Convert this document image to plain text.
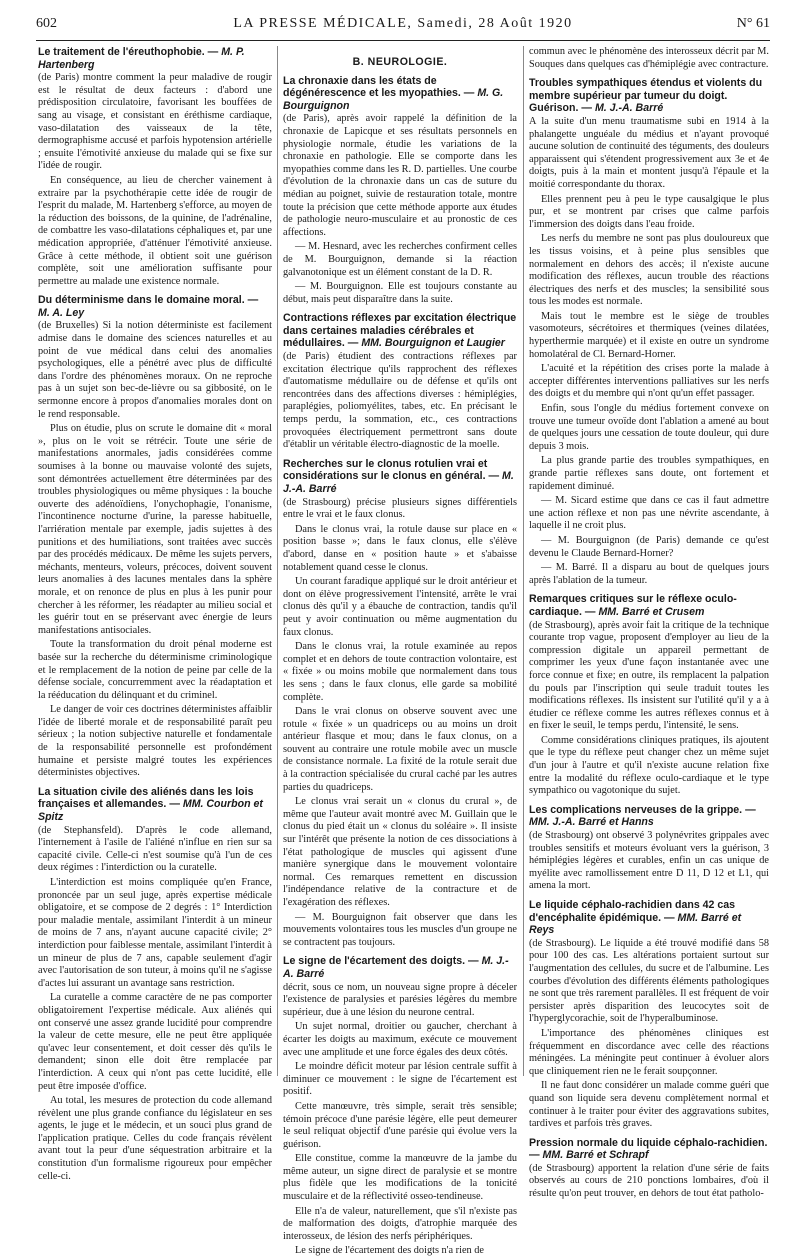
602	LA PRESSE MÉDICALE, Samedi, 28 Août 1920	N° 61
Le traitement de l'éreuthophobie. — M. P. Hartenberg

(de Paris) montre comment la peur maladive de rougir est le résultat de deux facteurs : d'abord une prédisposition circulatoire, favorisant les bouffées de sang au visage, et consistant en éréthisme cardiaque, vaso-dilatation des vaisseaux de la tête, dermographisme accusé et parfois hypotension artérielle ; ensuite l'émotivité anxieuse du malade qui se fixe sur l'idée de rougir.

En conséquence, au lieu de chercher vainement à extraire par la psychothérapie cette idée de rougir de l'esprit du malade, M. Hartenberg s'efforce, au moyen de la réduction des boissons, de la quinine, de l'adrénaline, de combattre les vaso-dilatations céphaliques et, par une médication appropriée, d'atténuer l'émotivité anxieuse. Grâce à cette méthode, il obtient soit une guérison complète, soit une amélioration suffisante pour permettre au malade une existence normale.

Du déterminisme dans le domaine moral. — M. A. Ley

(de Bruxelles) Si la notion déterministe est facilement admise dans le domaine des sciences naturelles et au point de vue médical dans celui des anomalies psychologiques, elle a pénétré avec plus de difficulté dans l'ordre des phénomènes moraux. On ne reproche pas à un sujet son bec-de-lièvre ou sa gibbosité, on le sermonne encore à propos d'anomalies morales dont on le rend responsable.

Plus on étudie, plus on scrute le domaine dit « moral », plus on le voit se rétrécir. Toute une série de manifestations anormales, jadis considérées comme soumises à la bonne ou mauvaise volonté des sujets, sont démontrées actuellement être déterminées par des troubles physiologiques ou même physiques : la bouche ouverte des adénoïdiens, l'onychophagie, l'onanisme, l'incontinence nocturne d'urine, la paresse habituelle, l'arriération mentale par exemple, jadis sujettes à des punitions et des humiliations, sont traitées avec succès par des procédés médicaux. De même les sujets pervers, méchants, menteurs, voleurs, précoces, doivent souvent leurs anomalies à des lacunes mentales dans la sphère morale, et on renonce de plus en plus à les punir pour chercher à les réformer, les réadapter au milieu social et les guérir tout en se préservant avec énergie de leurs manifestations antisociales.

Toute la transformation du droit pénal moderne est basée sur la recherche du déterminisme criminologique et le remplacement de la notion de peine par celle de la défense sociale, concurremment avec la réadaptation et la rééducation du délinquant et du criminel.

Le danger de voir ces doctrines déterministes affaiblir l'idée de liberté morale et de responsabilité paraît peu sérieux ; la notion subjective naturelle et fondamentale de la responsabilité personnelle est profondément humaine et persiste malgré toutes les expériences déterministes objectives.

La situation civile des aliénés dans les lois françaises et allemandes. — MM. Courbon et Spitz

(de Stephansfeld). D'après le code allemand, l'internement à l'asile de l'aliéné n'influe en rien sur sa capacité civile. Celle-ci n'est soumise qu'à l'un de ces deux régimes : l'interdiction ou la curatelle.

L'interdiction est moins compliquée qu'en France, prononcée par un seul juge, après expertise médicale obligatoire, et se compose de 2 degrés : 1° Interdiction pour maladie mentale, assimilant l'interdit à un mineur de moins de 7 ans, n'ayant aucune capacité civile; 2° interdiction pour faiblesse mentale, assimilant l'interdit à un mineur de plus de 7 ans, capable seulement d'agir avec l'autorisation de son tuteur, à moins qu'il ne s'agisse d'actes lui assurant un avantage sans restriction.

La curatelle a comme caractère de ne pas comporter obligatoirement l'expertise médicale. Aux aliénés qui ont conservé une assez grande lucidité pour comprendre la valeur de cette mesure, elle ne peut être appliquée qu'avec leur consentement, et doit cesser dès qu'ils le demandent; sinon elle doit être remplacée par l'interdiction. A ceux qui n'ont pas cette lucidité, elle peut être imposée d'office.

Au total, les mesures de protection du code allemand révèlent une plus grande confiance du législateur en ses agents, le juge et le médecin, et un souci plus grand de l'application pratique. Celles du code français révèlent avant tout la peur d'une séquestration arbitraire et la constitution d'un formalisme rigoureux pour empêcher celle-ci.

B. NEUROLOGIE.
La chronaxie dans les états de dégénérescence et les myopathies. — M. G. Bourguignon

(de Paris), après avoir rappelé la définition de la chronaxie de Lapicque et ses résultats personnels en physiologie normale, étudie les variations de la chronaxie en pathologie. Elle se comporte dans les myopathies comme dans les R. D. partielles. Une courbe d'évolution de la chronaxie dans un cas de suture du médian au poignet, suivie de restauration totale, montre toute la précision que cette méthode apporte aux études de pathologie neuro-musculaire et au pronostic de ces affections.

— M. Hesnard, avec les recherches confirment celles de M. Bourguignon, demande si la réaction galvanotonique est un élément constant de la D. R.

— M. Bourguignon. Elle est toujours constante au début, mais peut disparaître dans la suite.

Contractions réflexes par excitation électrique dans certaines maladies cérébrales et médullaires. — MM. Bourguignon et Laugier

(de Paris) étudient des contractions réflexes par excitation électrique qu'ils rapprochent des réflexes d'automatisme médullaire ou de défense et qu'ils ont rencontrées dans des affections diverses : hémiplégies, paraplégies, poliomyélites, tabes, etc. En précisant le temps perdu, la sommation, etc., ces contractions provoquées électriquement permettront sans doute d'établir un véritable électro-diagnostic de la moelle.

Recherches sur le clonus rotulien vrai et considérations sur le clonus en général. — M. J.-A. Barré

(de Strasbourg) précise plusieurs signes différentiels entre le vrai et le faux clonus.

Dans le clonus vrai, la rotule dause sur place en « position basse »; dans le faux clonus, elle s'élève d'abord, danse en « position haute » et s'abaisse notablement quand cesse le clonus.

Un courant faradique appliqué sur le droit antérieur et dont on élève progressivement l'intensité, arrête le vrai clonus dès qu'il y a ébauche de contraction, tandis qu'il peut y avoir continuation ou même augmentation du faux clonus.

Dans le clonus vrai, la rotule examinée au repos complet et en dehors de toute contraction volontaire, est « fixée » ou moins mobile que normalement dans tous les sens ; dans le faux clonus, elle garde sa mobilité complète.

Dans le vrai clonus on observe souvent avec une rotule « fixée » un quadriceps ou au moins un droit antérieur flasque et mou; dans le faux clonus, on a souvent au contraire une rotule mobile avec un muscle de consistance normale. La fixité de la rotule serait due à la contraction spécialisée du crural caché par les autres parties du quadriceps.

Le clonus vrai serait un « clonus du crural », de même que l'auteur avait montré avec M. Guillain que le clonus du pied était un « clonus du soléaire ». Il insiste sur l'intérêt que présente la notion de ces dissociations à l'état pathologique de muscles qui agissent d'une manière synergique dans le mouvement volontaire normal. Ces remarques remettent en discussion l'indépendance relative de la contracture et de l'exagération des réflexes.

— M. Bourguignon fait observer que dans les mouvements volontaires tous les muscles d'un groupe ne se contractent pas toujours.

Le signe de l'écartement des doigts. — M. J.-A. Barré

décrit, sous ce nom, un nouveau signe propre à déceler l'existence de paralysies et parésies légères du membre supérieur, due à une lésion du neurone central.

Un sujet normal, droitier ou gaucher, cherchant à écarter les doigts au maximum, exécute ce mouvement avec une amplitude et une force égales des deux côtés.

Le moindre déficit moteur par lésion centrale suffit à diminuer ce mouvement : le signe de l'écartement est positif.

Cette manœuvre, très simple, serait très sensible; témoin précoce d'une parésie légère, elle peut demeurer le seul reliquat objectif d'une parésie qui évolue vers la guérison.

Elle constitue, comme la manœuvre de la jambe du même auteur, un signe direct de paralysie et se montre plus fidèle que les modifications de la tonicité musculaire et de la réflectivité osseo-tendineuse.

Elle n'a de valeur, naturellement, que s'il n'existe pas de malformation des doigts, d'atrophie marquée des interosseux, de lésion des nerfs périphériques.

Le signe de l'écartement des doigts n'a rien de

commun avec le phénomène des interosseux décrit par M. Souques dans quelques cas d'hémiplégie avec contracture.

Troubles sympathiques étendus et violents du membre supérieur par tumeur du doigt. Guérison. — M. J.-A. Barré

A la suite d'un menu traumatisme subi en 1914 à la phalangette unguéale du médius et n'ayant provoqué aucune solution de continuité des téguments, des douleurs apparaissent qui s'étendent progressivement aux 3e et 4e doigts, puis à la main et montent jusqu'à l'épaule et la moitié correspondante du thorax.

Elles prennent peu à peu le type causalgique le plus pur, et se montrent par crises que calme parfois l'immersion des doigts dans l'eau froide.

Les nerfs du membre ne sont pas plus douloureux que les tissus voisins, et à peine plus sensibles que normalement en dehors des accès; il n'existe aucune modification des réflexes, aucun trouble des réactions électriques des nerfs et des muscles; la sensibilité sous tous les modes est normale.

Mais tout le membre est le siège de troubles vasomoteurs, sécrétoires et thermiques (veines dilatées, hyperthermie marquée) et il existe en outre un syndrome homolatéral de Cl. Bernard-Horner.

L'acuité et la répétition des crises porte la malade à accepter différentes interventions palliatives sur les nerfs des doigts et du membre qui n'ont qu'un effet passager.

Enfin, sous l'ongle du médius fortement convexe on trouve une tumeur ovoïde dont l'ablation a amené au bout de quelques jours une cessation de toute douleur, qui dure depuis 3 mois.

La plus grande partie des troubles sympathiques, en grande partie réflexes sans doute, ont fortement et rapidement diminué.

— M. Sicard estime que dans ce cas il faut admettre une action réflexe et non pas une névrite ascendante, à laquelle il ne croit plus.

— M. Bourguignon (de Paris) demande ce qu'est devenu le Claude Bernard-Horner?

— M. Barré. Il a disparu au bout de quelques jours après l'ablation de la tumeur.

Remarques critiques sur le réflexe oculo-cardiaque. — MM. Barré et Crusem

(de Strasbourg), après avoir fait la critique de la technique courante trop vague, proposent d'employer au lieu de la compression digitale un appareil permettant de comprimer les yeux d'une façon instantanée avec une force connue et fixe; en outre, ils remplacent la palpation du pouls par l'inscription qui seule traduit toutes les modifications réflexes. Ils insistent sur l'utilité qu'il y a à étudier ce réflexe comme les autres réflexes connus et à en fixer le seuil, le temps perdu, l'intensité, le sens.

Comme considérations cliniques pratiques, ils ajoutent que le type du réflexe peut changer chez un même sujet d'un jour à l'autre et qu'il n'existe aucune relation fixe entre la modalité du réflexe oculo-cardiaque et le type sympathico ou vagotonique du sujet.

Les complications nerveuses de la grippe. — MM. J.-A. Barré et Hanns

(de Strasbourg) ont observé 3 polynévrites grippales avec troubles sensitifs et moteurs évoluant vers la guérison, 3 hémiplégies légères et curables, enfin un cas unique de myélite avec ramollissement entre D 11, D 12 et L1, qui amena la mort.

Le liquide céphalo-rachidien dans 42 cas d'encéphalite épidémique. — MM. Barré et Reys

(de Strasbourg). Le liquide a été trouvé modifié dans 58 pour 100 des cas. Les altérations portaient surtout sur l'augmentation des cellules, du sucre et de l'albumine. Les courbes d'évolution des différents éléments pathologiques ne sont que très rarement parallèles. Il est fréquent de voir persister après disparition des leucocytes soit de l'hyperglycorachie, soit de l'hyperalbuminose.

L'importance des phénomènes cliniques est fréquemment en discordance avec celle des réactions méningées. La méningite peut continuer à évoluer alors que cliniquement rien ne le ferait soupçonner.

Il ne faut donc considérer un malade comme guéri que quand son liquide sera devenu complètement normal et continuer à le traiter pour éviter des aggravations subites, tardives et parfois très graves.

Pression normale du liquide céphalo-rachidien. — MM. Barré et Schrapf

(de Strasbourg) apportent la relation d'une série de faits observés au cours de 210 ponctions lombaires, d'où il résulte qu'on peut trouver, en dehors de tout état patholo-
